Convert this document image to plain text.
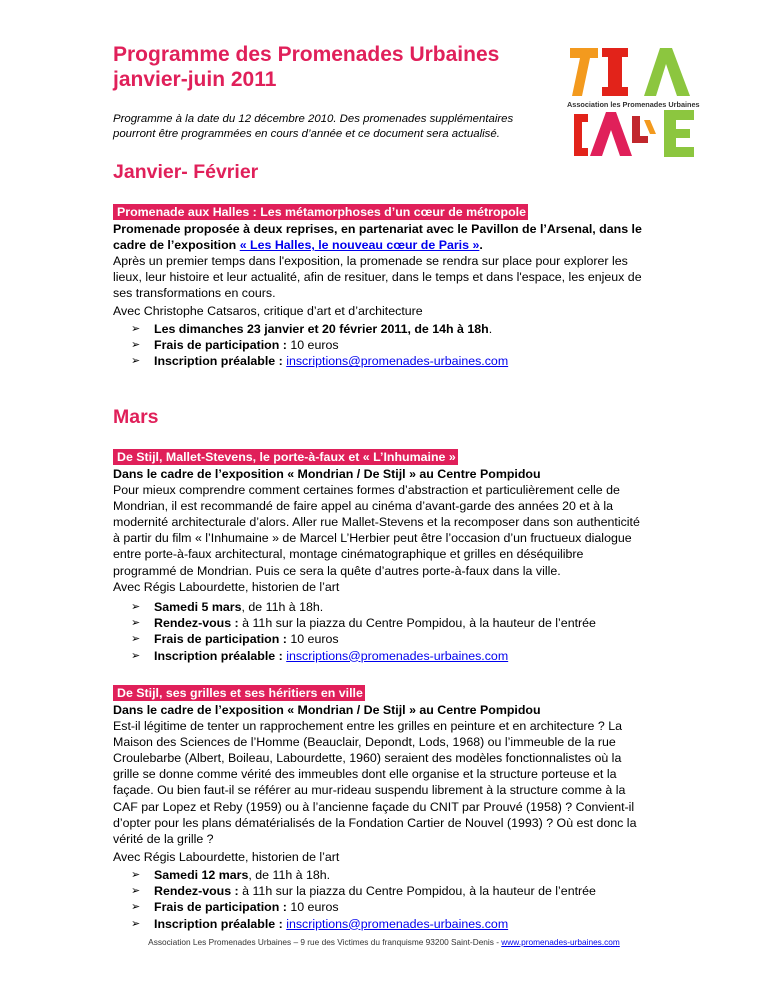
Programme des Promenades Urbaines
janvier-juin 2011

Programme à la date du 12 décembre 2010. Des promenades supplémentaires pourront être programmées en cours d’année et ce document sera actualisé.

Association les Promenades Urbaines
Janvier- Février
Promenade aux Halles : Les métamorphoses d’un cœur de métropole

Promenade proposée à deux reprises, en partenariat avec le Pavillon de l’Arsenal, dans le cadre de l’exposition « Les Halles, le nouveau cœur de Paris ».

Après un premier temps dans l'exposition, la promenade se rendra sur place pour explorer les lieux, leur histoire et leur actualité, afin de resituer, dans le temps et dans l'espace, les enjeux de ses transformations en cours.

Avec Christophe Catsaros, critique d’art et d’architecture

➢ Les dimanches 23 janvier et 20 février 2011, de 14h à 18h.
➢ Frais de participation : 10 euros
➢ Inscription préalable : inscriptions@promenades-urbaines.com
Mars
De Stijl, Mallet-Stevens, le porte-à-faux et « L’Inhumaine »

Dans le cadre de l’exposition « Mondrian / De Stijl » au Centre Pompidou

Pour mieux comprendre comment certaines formes d’abstraction et particulièrement celle de Mondrian, il est recommandé de faire appel au cinéma d’avant-garde des années 20 et à la modernité architecturale d’alors. Aller rue Mallet-Stevens et la recomposer dans son authenticité à partir du film « l’Inhumaine » de Marcel L’Herbier peut être l’occasion d’un fructueux dialogue entre porte-à-faux architectural, montage cinématographique et grilles en déséquilibre programmé de Mondrian. Puis ce sera la quête d’autres porte-à-faux dans la ville.

Avec Régis Labourdette, historien de l’art

➢ Samedi 5 mars, de 11h à 18h.
➢ Rendez-vous : à 11h sur la piazza du Centre Pompidou, à la hauteur de l’entrée
➢ Frais de participation : 10 euros
➢ Inscription préalable : inscriptions@promenades-urbaines.com
De Stijl, ses grilles et ses héritiers en ville

Dans le cadre de l’exposition « Mondrian / De Stijl » au Centre Pompidou

Est-il légitime de tenter un rapprochement entre les grilles en peinture et en architecture ? La Maison des Sciences de l’Homme (Beauclair, Depondt, Lods, 1968) ou l’immeuble de la rue Croulebarbe (Albert, Boileau, Labourdette, 1960) seraient des modèles fonctionnalistes où la grille se donne comme vérité des immeubles dont elle organise et la structure porteuse et la façade. Ou bien faut-il se référer au mur-rideau suspendu librement à la structure comme à la CAF par Lopez et Reby (1959) ou à l’ancienne façade du CNIT par Prouvé (1958) ? Convient-il d’opter pour les plans dématérialisés de la Fondation Cartier de Nouvel (1993) ? Où est donc la vérité de la grille ?

Avec Régis Labourdette, historien de l’art

➢ Samedi 12 mars, de 11h à 18h.
➢ Rendez-vous : à 11h sur la piazza du Centre Pompidou, à la hauteur de l’entrée
➢ Frais de participation : 10 euros
➢ Inscription préalable : inscriptions@promenades-urbaines.com
Association Les Promenades Urbaines – 9 rue des Victimes du franquisme 93200 Saint-Denis - www.promenades-urbaines.com
